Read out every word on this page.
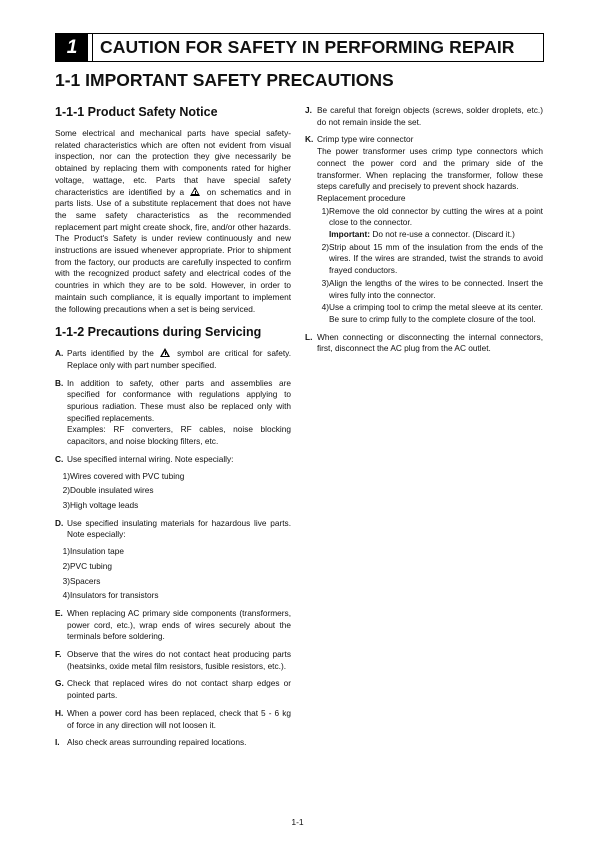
1	CAUTION FOR SAFETY IN PERFORMING REPAIR
1-1 IMPORTANT SAFETY PRECAUTIONS
1-1-1 Product Safety Notice

Some electrical and mechanical parts have special safety-related characteristics which are often not evident from visual inspection, nor can the protection they give necessarily be obtained by replacing them with components rated for higher voltage, wattage, etc. Parts that have special safety characteristics are identified by a	on schematics and in parts lists. Use of a substitute replacement that does not have the same safety characteristics as the recommended replacement part might create shock, fire, and/or other hazards. The Product's Safety is under review continuously and new instructions are issued whenever appropriate. Prior to shipment from the factory, our products are carefully inspected to confirm with the recognized product safety and electrical codes of the countries in which they are to be sold. However, in order to maintain such compliance, it is equally important to implement the following precautions when a set is being serviced.

1-1-2 Precautions during Servicing
A. Parts identified by the	symbol are critical for safety. Replace only with part number specified.
B. In addition to safety, other parts and assemblies are specified for conformance with regulations applying to spurious radiation. These must also be replaced only with specified replacements.
Examples: RF converters, RF cables, noise blocking capacitors, and noise blocking filters, etc.
C. Use specified internal wiring. Note especially:
1) Wires covered with PVC tubing
2) Double insulated wires
3) High voltage leads
D. Use specified insulating materials for hazardous live parts. Note especially:
1) Insulation tape
2) PVC tubing
3) Spacers
4) Insulators for transistors
E. When replacing AC primary side components (transformers, power cord, etc.), wrap ends of wires securely about the terminals before soldering.
F. Observe that the wires do not contact heat producing parts (heatsinks, oxide metal film resistors, fusible resistors, etc.).
G. Check that replaced wires do not contact sharp edges or pointed parts.
H. When a power cord has been replaced, check that 5 - 6 kg of force in any direction will not loosen it.
I. Also check areas surrounding repaired locations.
J. Be careful that foreign objects (screws, solder droplets, etc.) do not remain inside the set.
K. Crimp type wire connector
The power transformer uses crimp type connectors which connect the power cord and the primary side of the transformer. When replacing the transformer, follow these steps carefully and precisely to prevent shock hazards.
Replacement procedure
1) Remove the old connector by cutting the wires at a point close to the connector.
Important: Do not re-use a connector. (Discard it.)
2) Strip about 15 mm of the insulation from the ends of the wires. If the wires are stranded, twist the strands to avoid frayed conductors.
3) Align the lengths of the wires to be connected. Insert the wires fully into the connector.
4) Use a crimping tool to crimp the metal sleeve at its center. Be sure to crimp fully to the complete closure of the tool.
L. When connecting or disconnecting the internal connectors, first, disconnect the AC plug from the AC outlet.
1-1
